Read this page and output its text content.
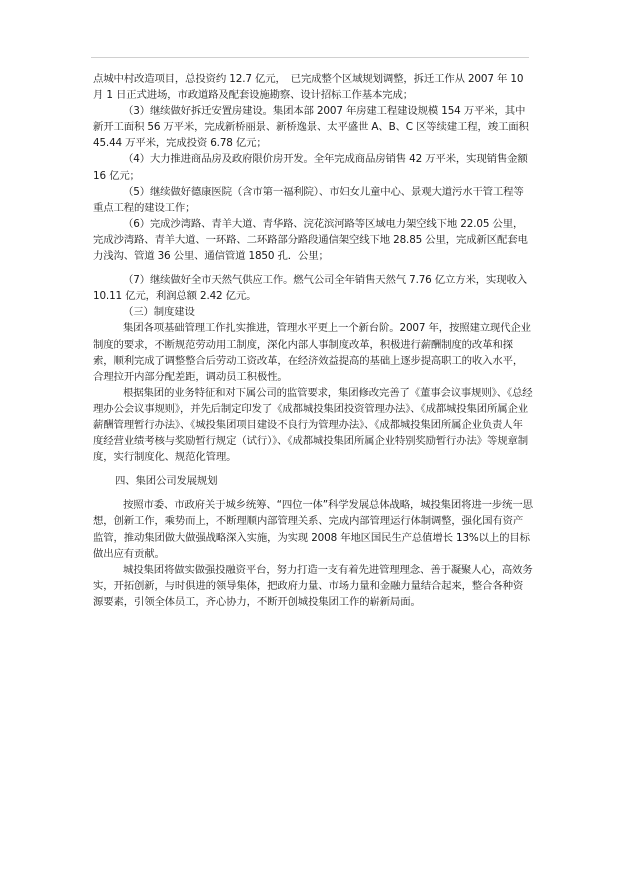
点城中村改造项目，总投资约 12.7 亿元，　已完成整个区域规划调整，拆迁工作从 2007 年 10 月 1 日正式进场，市政道路及配套设施勘察、设计招标工作基本完成；

（3）继续做好拆迁安置房建设。集团本部 2007 年房建工程建设规模 154 万平米，其中新开工面积 56 万平米，完成新桥丽景、新桥逸景、太平盛世 A、B、C 区等续建工程，竣工面积 45.44 万平米，完成投资 6.78 亿元；

（4）大力推进商品房及政府限价房开发。全年完成商品房销售 42 万平米，实现销售金额 16 亿元；

（5）继续做好德康医院（含市第一福利院）、市妇女儿童中心、景观大道污水干管工程等重点工程的建设工作；

（6）完成沙湾路、青羊大道、青华路、浣花滨河路等区域电力架空线下地 22.05 公里，完成沙湾路、青羊大道、一环路、二环路部分路段通信架空线下地 28.85 公里，完成新区配套电力浅沟、管道 36 公里、通信管道 1850 孔．公里；

（7）继续做好全市天然气供应工作。燃气公司全年销售天然气 7.76 亿立方米，实现收入 10.11 亿元，利润总额 2.42 亿元。

（三）制度建设

集团各项基础管理工作扎实推进，管理水平更上一个新台阶。2007 年，按照建立现代企业制度的要求，不断规范劳动用工制度，深化内部人事制度改革，积极进行薪酬制度的改革和探索，顺利完成了调整整合后劳动工资改革，在经济效益提高的基础上逐步提高职工的收入水平，合理拉开内部分配差距，调动员工积极性。

根据集团的业务特征和对下属公司的监管要求，集团修改完善了《董事会议事规则》、《总经理办公会议事规则》，并先后制定印发了《成都城投集团投资管理办法》、《成都城投集团所属企业薪酬管理暂行办法》、《城投集团项目建设不良行为管理办法》、《成都城投集团所属企业负责人年度经营业绩考核与奖励暂行规定（试行）》、《成都城投集团所属企业特别奖励暂行办法》等规章制度，实行制度化、规范化管理。

四、集团公司发展规划

按照市委、市政府关于城乡统筹、“四位一体”科学发展总体战略，城投集团将进一步统一思想，创新工作，乘势而上，不断理顺内部管理关系、完成内部管理运行体制调整，强化国有资产监管，推动集团做大做强战略深入实施，为实现 2008 年地区国民生产总值增长 13%以上的目标做出应有贡献。

城投集团将做实做强投融资平台，努力打造一支有着先进管理理念、善于凝聚人心，高效务实，开拓创新，与时俱进的领导集体，把政府力量、市场力量和金融力量结合起来，整合各种资源要素，引领全体员工，齐心协力，不断开创城投集团工作的崭新局面。
